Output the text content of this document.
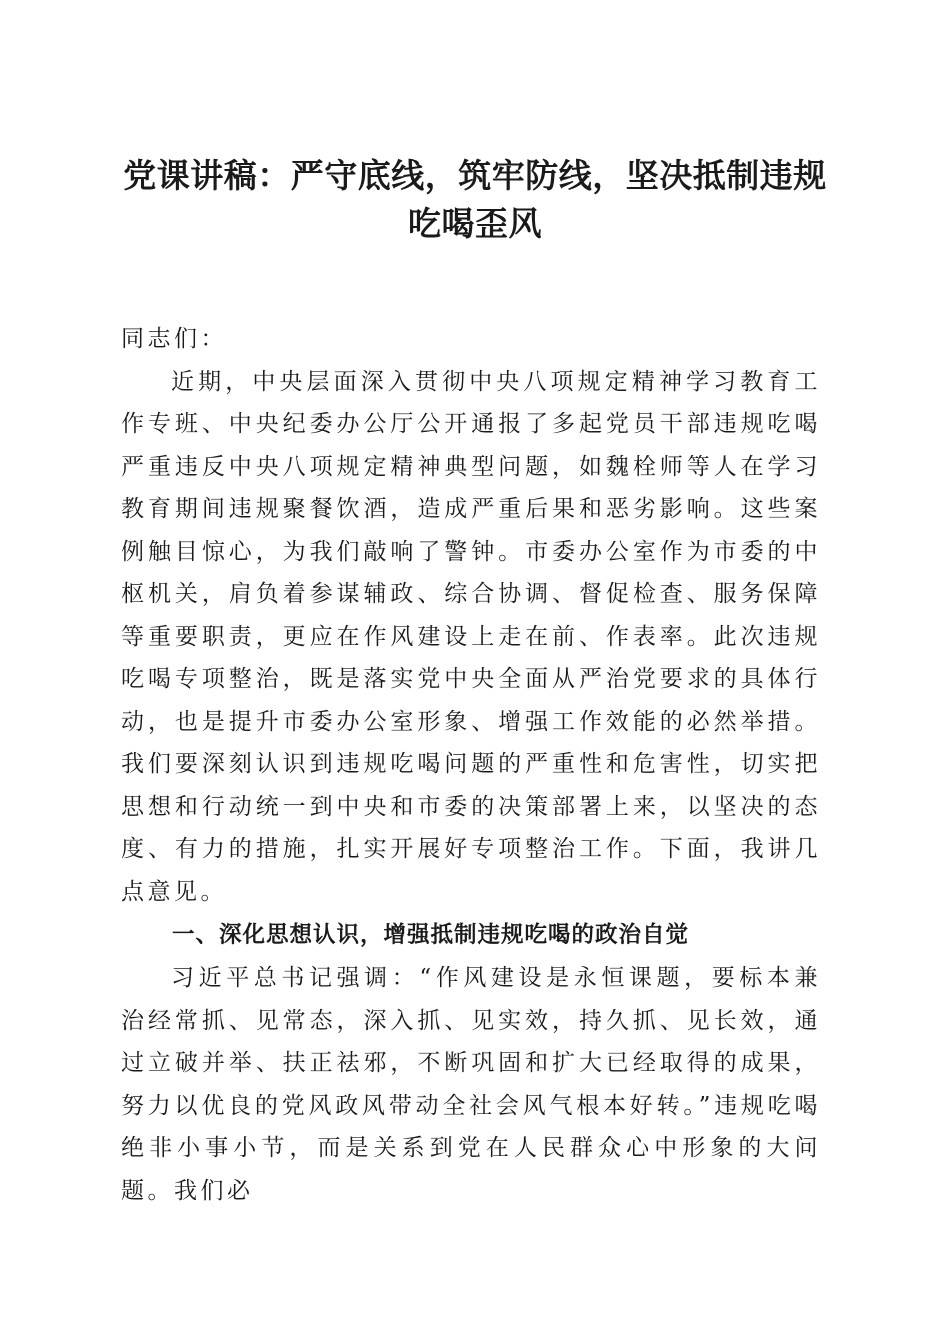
党课讲稿：严守底线，筑牢防线，坚决抵制违规吃喝歪风

同志们：

近期，中央层面深入贯彻中央八项规定精神学习教育工作专班、中央纪委办公厅公开通报了多起党员干部违规吃喝严重违反中央八项规定精神典型问题，如魏栓师等人在学习教育期间违规聚餐饮酒，造成严重后果和恶劣影响。这些案例触目惊心，为我们敲响了警钟。市委办公室作为市委的中枢机关，肩负着参谋辅政、综合协调、督促检查、服务保障等重要职责，更应在作风建设上走在前、作表率。此次违规吃喝专项整治，既是落实党中央全面从严治党要求的具体行动，也是提升市委办公室形象、增强工作效能的必然举措。我们要深刻认识到违规吃喝问题的严重性和危害性，切实把思想和行动统一到中央和市委的决策部署上来，以坚决的态度、有力的措施，扎实开展好专项整治工作。下面，我讲几点意见。

一、深化思想认识，增强抵制违规吃喝的政治自觉

习近平总书记强调：“作风建设是永恒课题，要标本兼治经常抓、见常态，深入抓、见实效，持久抓、见长效，通过立破并举、扶正祛邪，不断巩固和扩大已经取得的成果，努力以优良的党风政风带动全社会风气根本好转。”违规吃喝绝非小事小节，而是关系到党在人民群众心中形象的大问题。我们必
